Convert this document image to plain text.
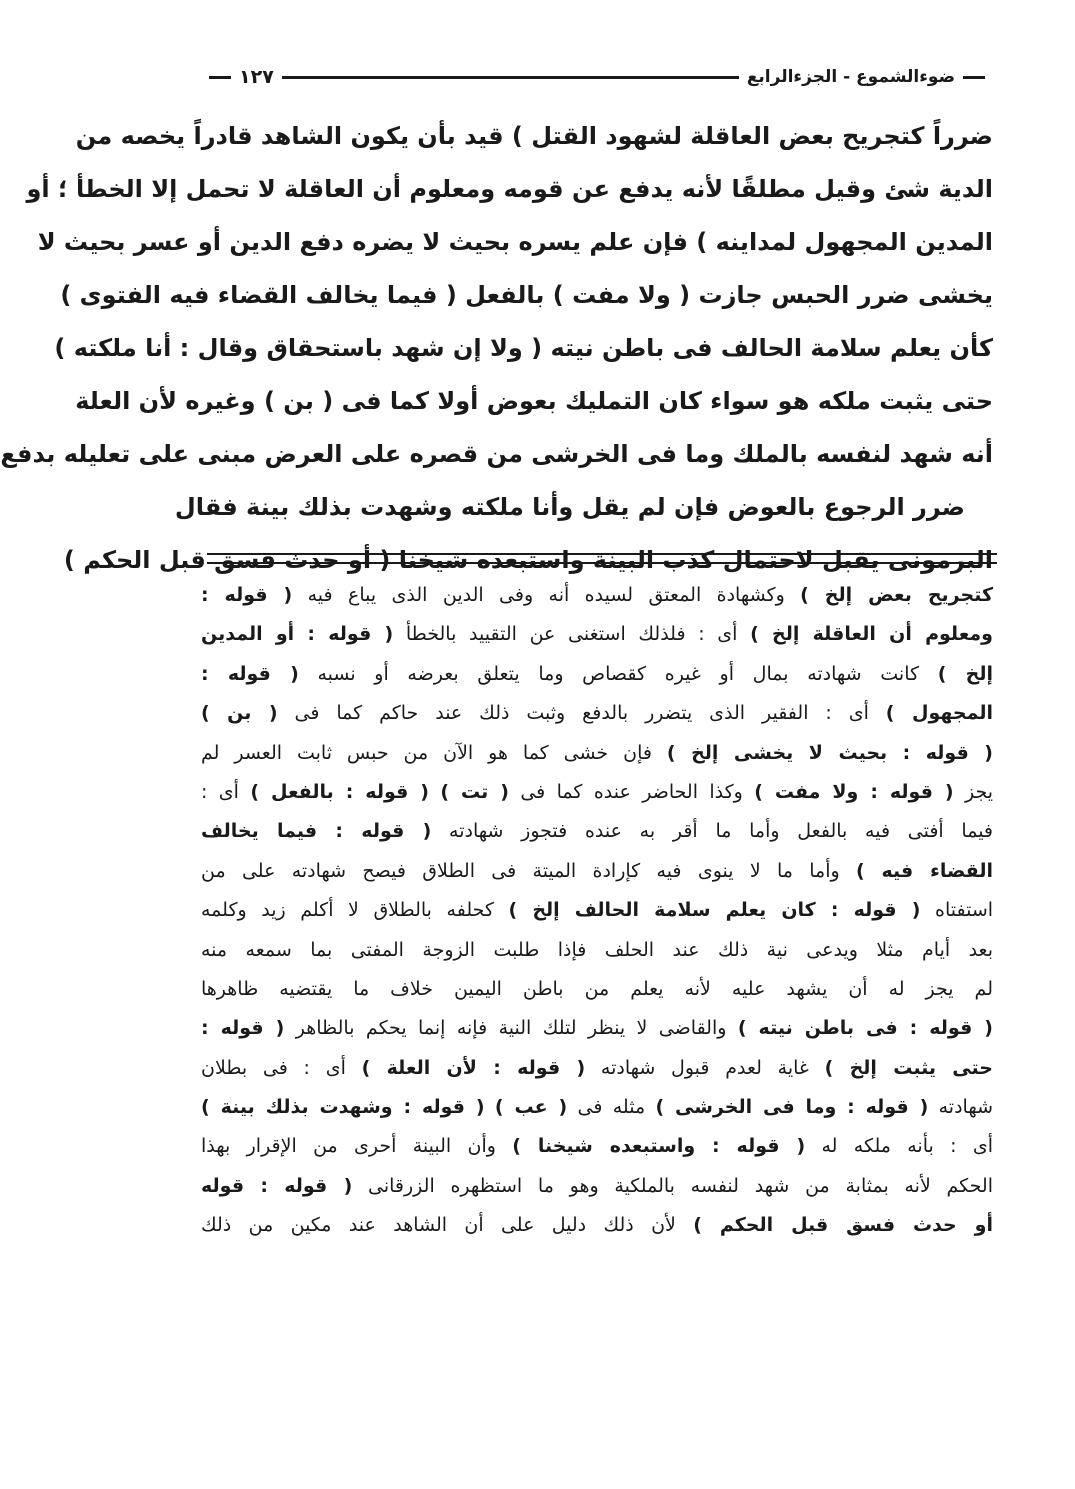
ضوءالشموع - الجزءالرابع
١٢٧
ضرراً كتجريح بعض العاقلة لشهود القتل ) قيد بأن يكون الشاهد قادراً يخصه من
الدية شئ وقيل مطلقًا لأنه يدفع عن قومه ومعلوم أن العاقلة لا تحمل إلا الخطأ ؛ أو
المدين المجهول لمداينه ) فإن علم يسره بحيث لا يضره دفع الدين أو عسر بحيث لا
يخشى ضرر الحبس جازت ( ولا مفت ) بالفعل ( فيما يخالف القضاء فيه الفتوى )
كأن يعلم سلامة الحالف فى باطن نيته ( ولا إن شهد باستحقاق وقال : أنا ملكته )
حتى يثبت ملكه هو سواء كان التمليك بعوض أولا كما فى ( بن ) وغيره لأن العلة
أنه شهد لنفسه بالملك وما فى الخرشى من قصره على العرض مبنى على تعليله بدفع
ضرر الرجوع بالعوض فإن لم يقل وأنا ملكته وشهدت بذلك بينة فقال
البرمونى يقبل لاحتمال كذب البينة واستبعده شيخنا ( أو حدث فسق قبل الحكم )
كتجريح بعض إلخ ) وكشهادة المعتق لسيده أنه وفى الدين الذى يباع فيه ( قوله :
ومعلوم أن العاقلة إلخ ) أى : فلذلك استغنى عن التقييد بالخطأ ( قوله : أو المدين
إلخ ) كانت شهادته بمال أو غيره كقصاص وما يتعلق بعرضه أو نسبه ( قوله :
المجهول ) أى : الفقير الذى يتضرر بالدفع وثبت ذلك عند حاكم كما فى ( بن )
( قوله : بحيث لا يخشى إلخ ) فإن خشى كما هو الآن من حبس ثابت العسر لم
يجز ( قوله : ولا مفت ) وكذا الحاضر عنده كما فى ( تت ) ( قوله : بالفعل ) أى :
فيما أفتى فيه بالفعل وأما ما أقر به عنده فتجوز شهادته ( قوله : فيما يخالف
القضاء فيه ) وأما ما لا ينوى فيه كإرادة الميتة فى الطلاق فيصح شهادته على من
استفتاه ( قوله : كان يعلم سلامة الحالف إلخ ) كحلفه بالطلاق لا أكلم زيد وكلمه
بعد أيام مثلا ويدعى نية ذلك عند الحلف فإذا طلبت الزوجة المفتى بما سمعه منه
لم يجز له أن يشهد عليه لأنه يعلم من باطن اليمين خلاف ما يقتضيه ظاهرها
( قوله : فى باطن نيته ) والقاضى لا ينظر لتلك النية فإنه إنما يحكم بالظاهر ( قوله :
حتى يثبت إلخ ) غاية لعدم قبول شهادته ( قوله : لأن العلة ) أى : فى بطلان
شهادته ( قوله : وما فى الخرشى ) مثله فى ( عب ) ( قوله : وشهدت بذلك بينة )
أى : بأنه ملكه له ( قوله : واستبعده شيخنا ) وأن البينة أحرى من الإقرار بهذا
الحكم لأنه بمثابة من شهد لنفسه بالملكية وهو ما استظهره الزرقانى ( قوله : قوله
أو حدث فسق قبل الحكم ) لأن ذلك دليل على أن الشاهد عند مكين من ذلك
